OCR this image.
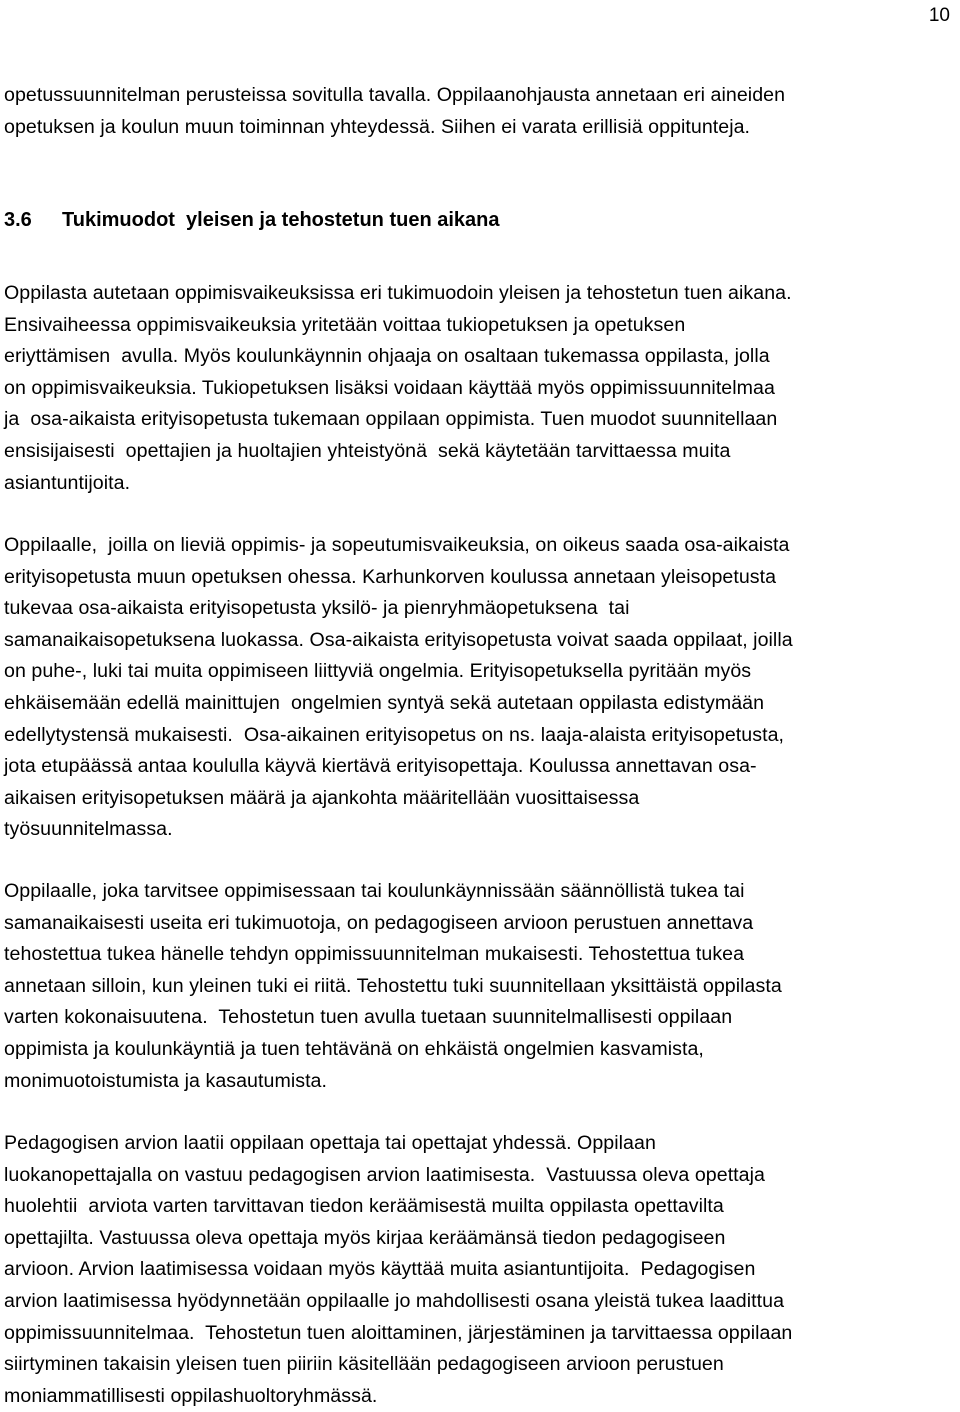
10
opetussuunnitelman perusteissa sovitulla tavalla. Oppilaanohjausta annetaan eri aineiden
opetuksen ja koulun muun toiminnan yhteydessä. Siihen ei varata erillisiä oppitunteja.
3.6 Tukimuodot  yleisen ja tehostetun tuen aikana
Oppilasta autetaan oppimisvaikeuksissa eri tukimuodoin yleisen ja tehostetun tuen aikana.
Ensivaiheessa oppimisvaikeuksia yritetään voittaa tukiopetuksen ja opetuksen
eriyttämisen  avulla. Myös koulunkäynnin ohjaaja on osaltaan tukemassa oppilasta, jolla
on oppimisvaikeuksia. Tukiopetuksen lisäksi voidaan käyttää myös oppimissuunnitelmaa
ja  osa-aikaista erityisopetusta tukemaan oppilaan oppimista. Tuen muodot suunnitellaan
ensisijaisesti  opettajien ja huoltajien yhteistyönä  sekä käytetään tarvittaessa muita
asiantuntijoita.
Oppilaalle,  joilla on lieviä oppimis- ja sopeutumisvaikeuksia, on oikeus saada osa-aikaista
erityisopetusta muun opetuksen ohessa. Karhunkorven koulussa annetaan yleisopetusta
tukevaa osa-aikaista erityisopetusta yksilö- ja pienryhmäopetuksena  tai
samanaikaisopetuksena luokassa. Osa-aikaista erityisopetusta voivat saada oppilaat, joilla
on puhe-, luki tai muita oppimiseen liittyviä ongelmia. Erityisopetuksella pyritään myös
ehkäisemään edellä mainittujen  ongelmien syntyä sekä autetaan oppilasta edistymään
edellytystensä mukaisesti.  Osa-aikainen erityisopetus on ns. laaja-alaista erityisopetusta,
jota etupäässä antaa koululla käyvä kiertävä erityisopettaja. Koulussa annettavan osa-
aikaisen erityisopetuksen määrä ja ajankohta määritellään vuosittaisessa
työsuunnitelmassa.
Oppilaalle, joka tarvitsee oppimisessaan tai koulunkäynnissään säännöllistä tukea tai
samanaikaisesti useita eri tukimuotoja, on pedagogiseen arvioon perustuen annettava
tehostettua tukea hänelle tehdyn oppimissuunnitelman mukaisesti. Tehostettua tukea
annetaan silloin, kun yleinen tuki ei riitä. Tehostettu tuki suunnitellaan yksittäistä oppilasta
varten kokonaisuutena.  Tehostetun tuen avulla tuetaan suunnitelmallisesti oppilaan
oppimista ja koulunkäyntiä ja tuen tehtävänä on ehkäistä ongelmien kasvamista,
monimuotoistumista ja kasautumista.
Pedagogisen arvion laatii oppilaan opettaja tai opettajat yhdessä. Oppilaan
luokanopettajalla on vastuu pedagogisen arvion laatimisesta.  Vastuussa oleva opettaja
huolehtii  arviota varten tarvittavan tiedon keräämisestä muilta oppilasta opettavilta
opettajilta. Vastuussa oleva opettaja myös kirjaa keräämänsä tiedon pedagogiseen
arvioon. Arvion laatimisessa voidaan myös käyttää muita asiantuntijoita.  Pedagogisen
arvion laatimisessa hyödynnetään oppilaalle jo mahdollisesti osana yleistä tukea laadittua
oppimissuunnitelmaa.  Tehostetun tuen aloittaminen, järjestäminen ja tarvittaessa oppilaan
siirtyminen takaisin yleisen tuen piiriin käsitellään pedagogiseen arvioon perustuen
moniammatillisesti oppilashuoltoryhmässä.
